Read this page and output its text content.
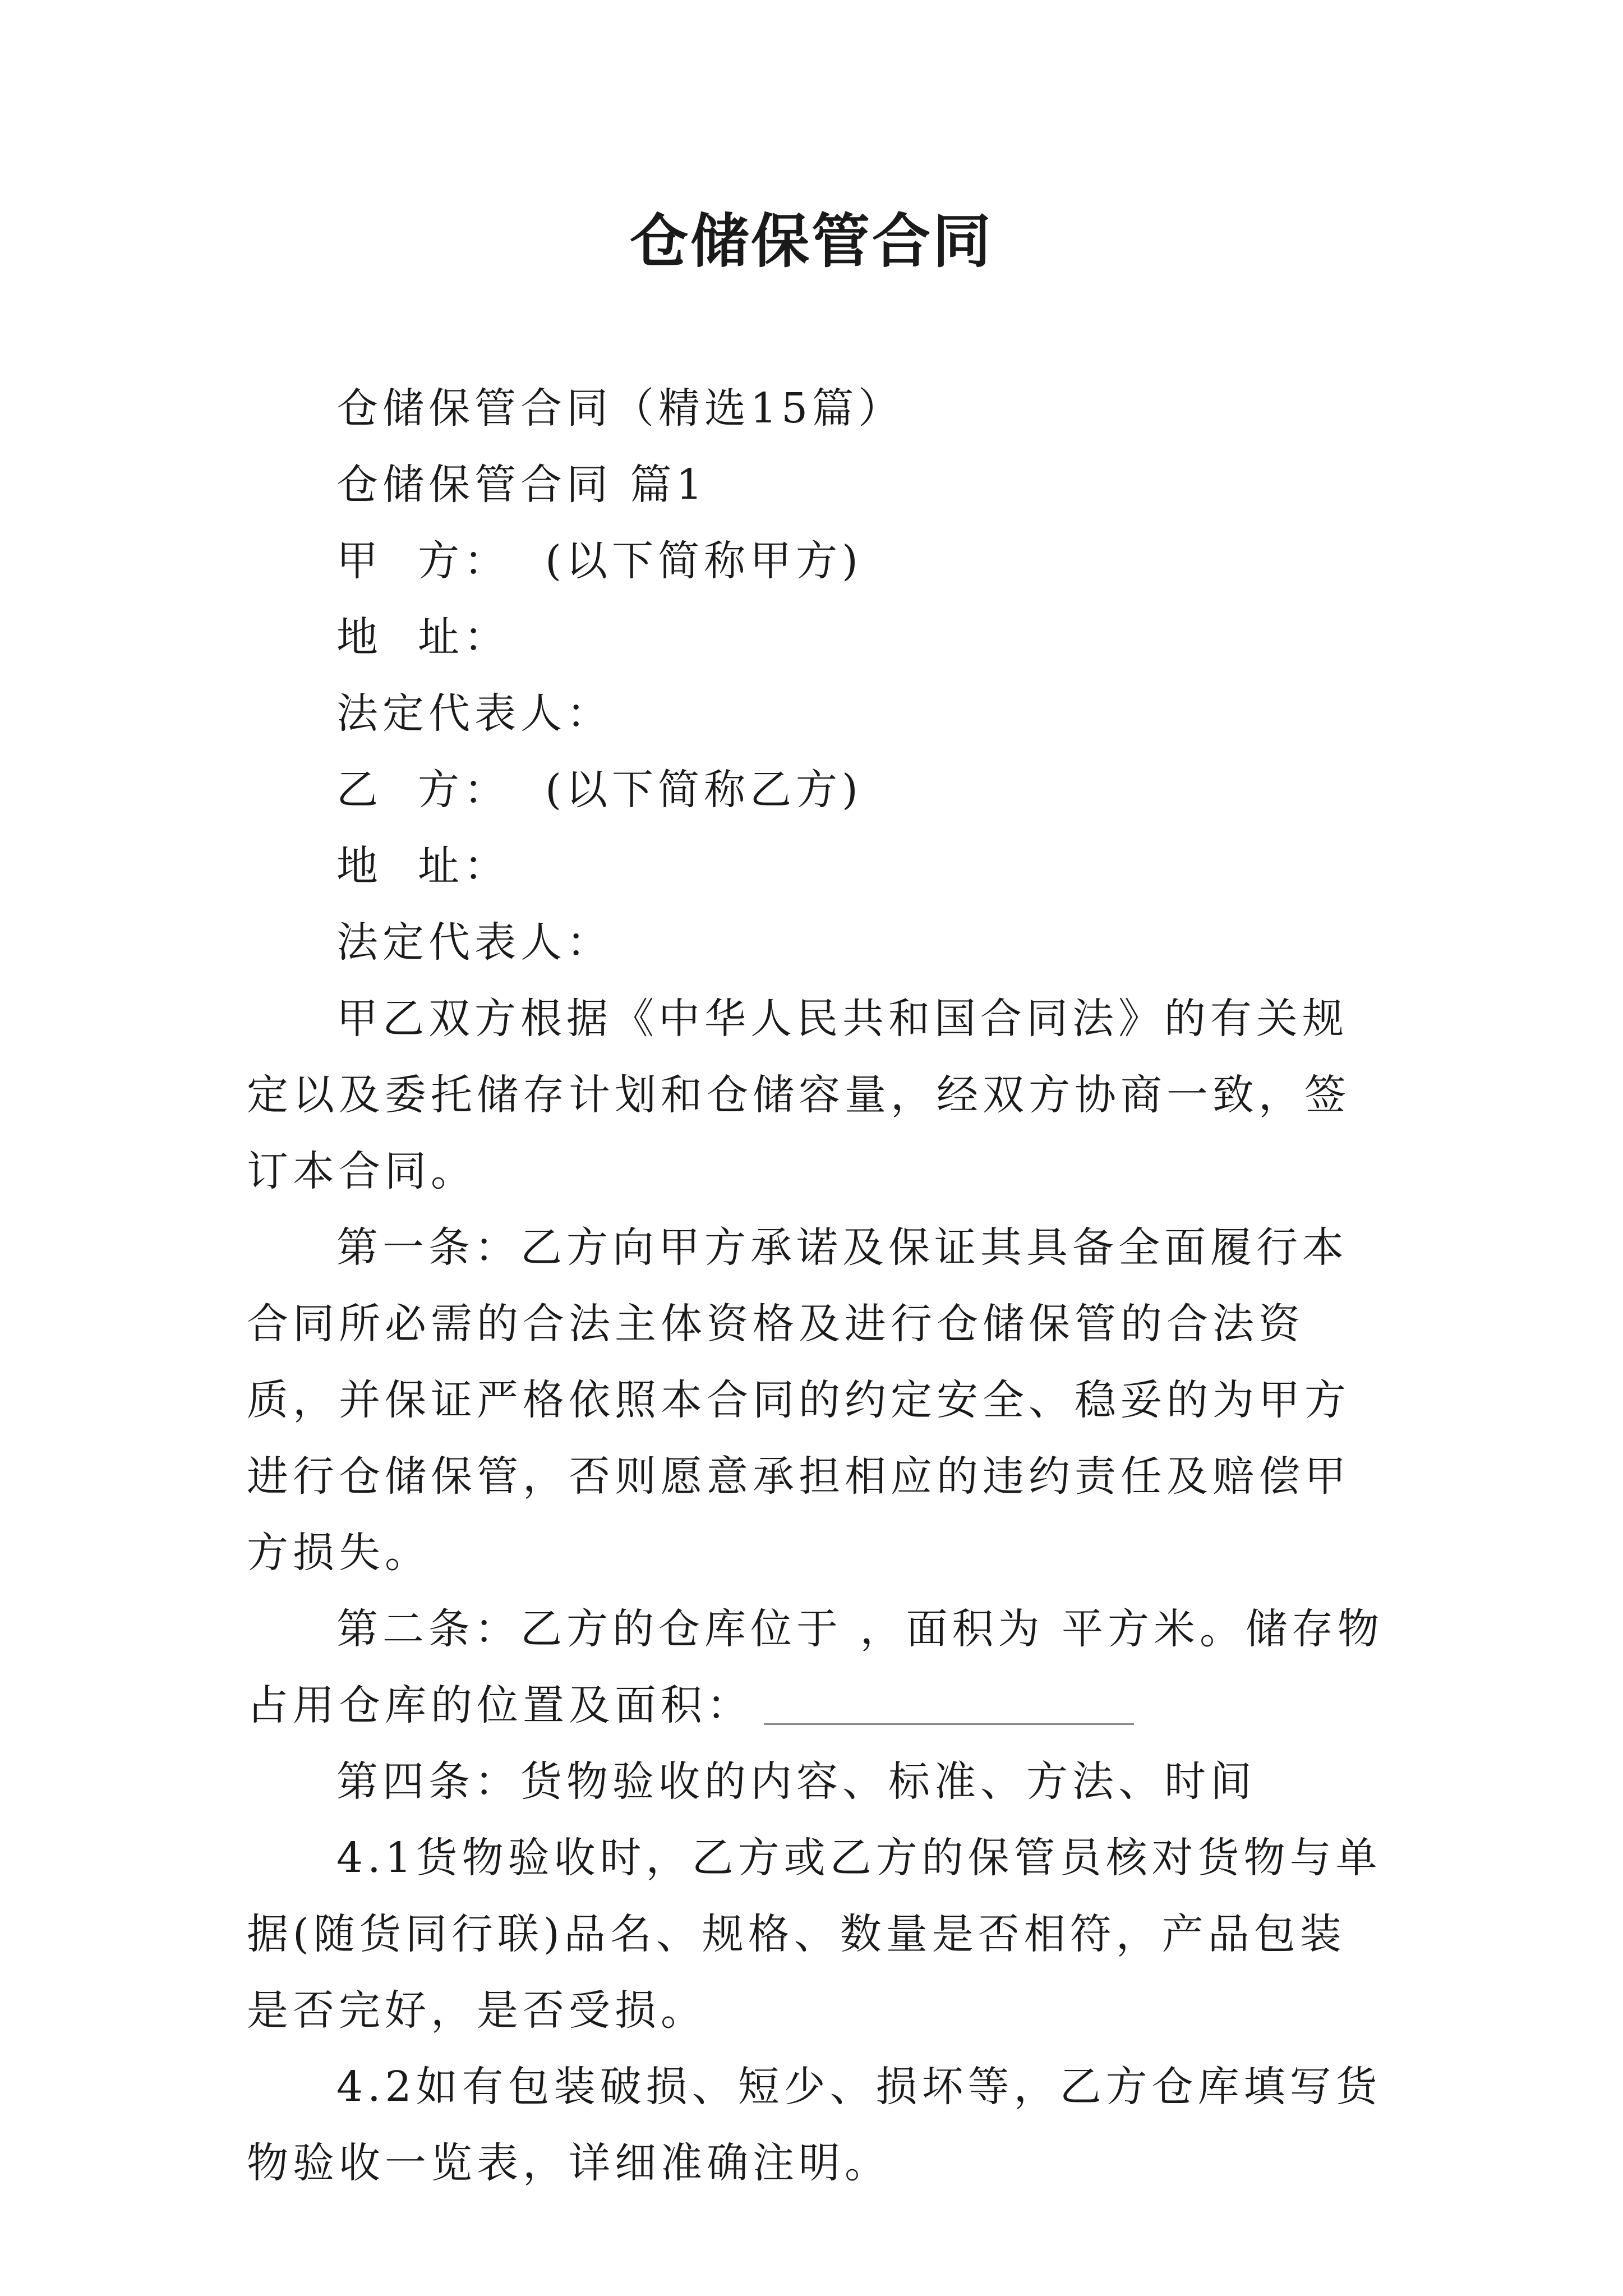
仓储保管合同

仓储保管合同（精选15篇）

仓储保管合同 篇1

甲  方：  (以下简称甲方)

地  址：

法定代表人：

乙  方：  (以下简称乙方)

地  址：

法定代表人：

甲乙双方根据《中华人民共和国合同法》的有关规定以及委托储存计划和仓储容量，经双方协商一致，签订本合同。

第一条：乙方向甲方承诺及保证其具备全面履行本合同所必需的合法主体资格及进行仓储保管的合法资质，并保证严格依照本合同的约定安全、稳妥的为甲方进行仓储保管，否则愿意承担相应的违约责任及赔偿甲方损失。

第二条：乙方的仓库位于 ，面积为 平方米。储存物占用仓库的位置及面积：

第四条：货物验收的内容、标准、方法、时间

4.1货物验收时，乙方或乙方的保管员核对货物与单据(随货同行联)品名、规格、数量是否相符，产品包装是否完好，是否受损。

4.2如有包装破损、短少、损坏等，乙方仓库填写货物验收一览表，详细准确注明。
